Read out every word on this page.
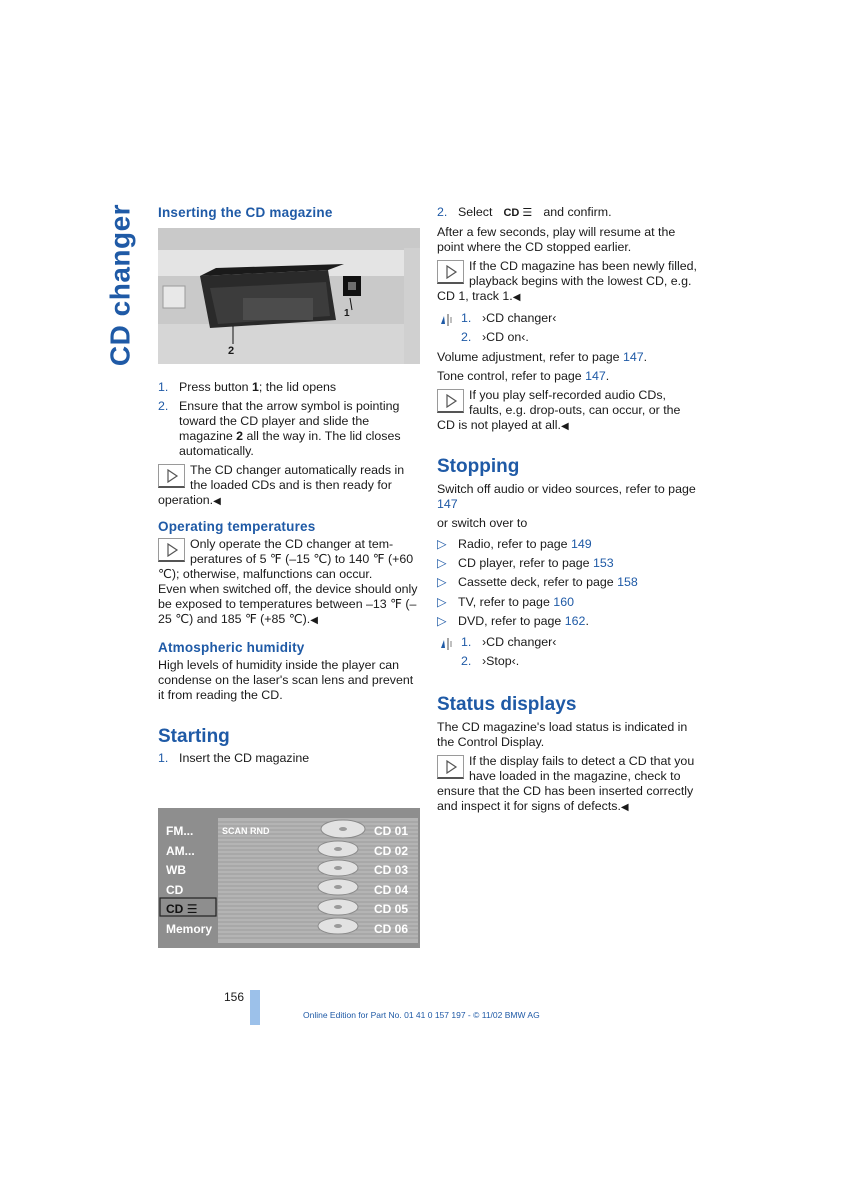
CD changer Inserting the CD magazine
1
2
1. Press button 1; the lid opens
2. Ensure that the arrow symbol is pointing toward the CD player and slide the magazine 2 all the way in. The lid closes automatically.
The CD changer automatically reads in the loaded CDs and is then ready for operation.◀
Operating temperatures
Only operate the CD changer at tem-peratures of 5 ℉ (–15 ℃) to 140 ℉ (+60 ℃); otherwise, malfunctions can occur.

Even when switched off, the device should only be exposed to temperatures between –13 ℉ (–25 ℃) and 185 ℉ (+85 ℃).◀

Atmospheric humidity

High levels of humidity inside the player can condense on the laser's scan lens and prevent it from reading the CD.

Starting
1. Insert the CD magazine
FM...
AM...
WB
CD
CD ☰
Memory
SCAN RND	CD 01
CD 02
CD 03
CD 04
CD 05
CD 06
2. Select CD ☰ and confirm.

After a few seconds, play will resume at the point where the CD stopped earlier.

If the CD magazine has been newly filled, playback begins with the lowest CD, e.g. CD 1, track 1.◀
1. ›CD changer‹
2. ›CD on‹.

Volume adjustment, refer to page 147.

Tone control, refer to page 147.

If you play self-recorded audio CDs, faults, e.g. drop-outs, can occur, or the CD is not played at all.◀
Stopping

Switch off audio or video sources, refer to page 147

or switch over to

▷ Radio, refer to page 149
▷ CD player, refer to page 153
▷ Cassette deck, refer to page 158
▷ TV, refer to page 160
▷ DVD, refer to page 162.
1. ›CD changer‹
2. ›Stop‹.
Status displays

The CD magazine's load status is indicated in the Control Display.

If the display fails to detect a CD that you have loaded in the magazine, check to ensure that the CD has been inserted correctly and inspect it for signs of defects.◀
156
Online Edition for Part No. 01 41 0 157 197 - © 11/02 BMW AG
